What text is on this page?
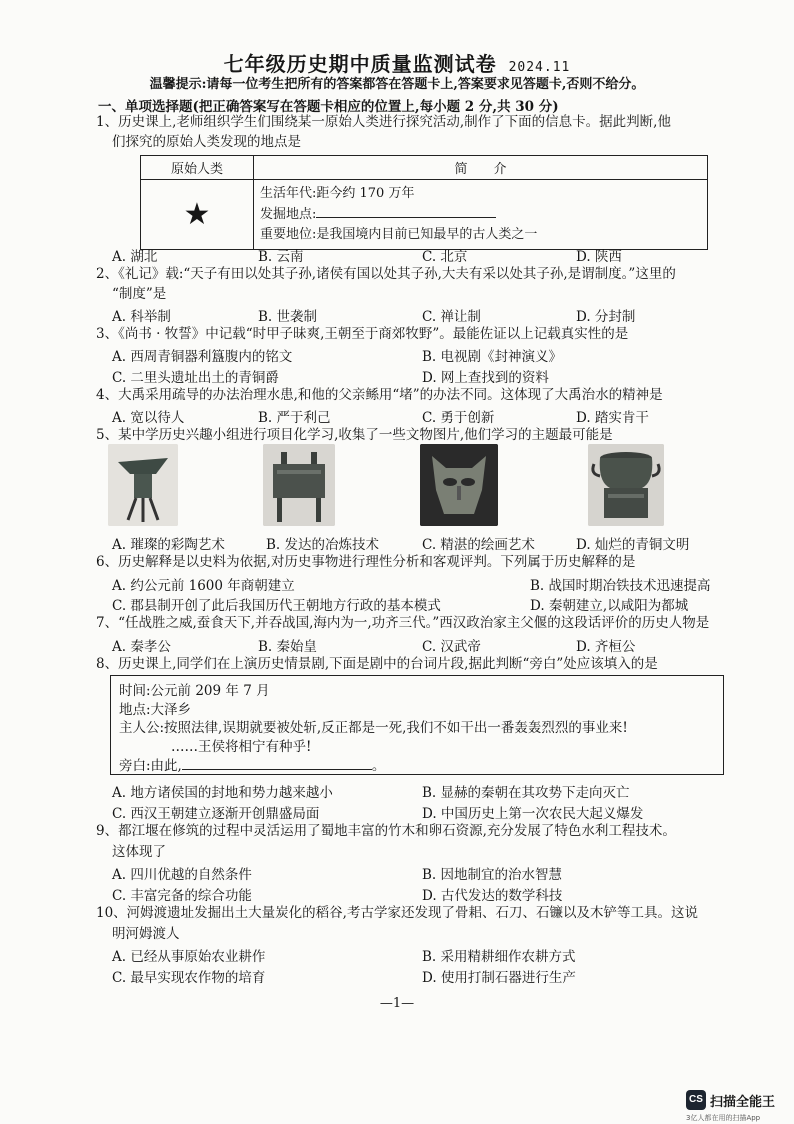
七年级历史期中质量监测试卷 2024.11
温馨提示:请每一位考生把所有的答案都答在答题卡上,答案要求见答题卡,否则不给分。
一、单项选择题(把正确答案写在答题卡相应的位置上,每小题 2 分,共 30 分)
1、历史课上,老师组织学生们围绕某一原始人类进行探究活动,制作了下面的信息卡。据此判断,他
们探究的原始人类发现的地点是
原始人类	简　　介
★	生活年代:距今约 170 万年
发掘地点:
重要地位:是我国境内目前已知最早的古人类之一
A. 湖北	B. 云南	C. 北京	D. 陕西
2、《礼记》载:“天子有田以处其子孙,诸侯有国以处其子孙,大夫有采以处其子孙,是谓制度。”这里的
“制度”是
A. 科举制	B. 世袭制	C. 禅让制	D. 分封制
3、《尚书 · 牧誓》中记载“时甲子昧爽,王朝至于商郊牧野”。最能佐证以上记载真实性的是
A. 西周青铜器利簋腹内的铭文	B. 电视剧《封神演义》
C. 二里头遗址出土的青铜爵	D. 网上查找到的资料
4、大禹采用疏导的办法治理水患,和他的父亲鲧用“堵”的办法不同。这体现了大禹治水的精神是
A. 宽以待人	B. 严于利己	C. 勇于创新	D. 踏实肯干
5、某中学历史兴趣小组进行项目化学习,收集了一些文物图片,他们学习的主题最可能是
A. 璀璨的彩陶艺术	B. 发达的冶炼技术	C. 精湛的绘画艺术	D. 灿烂的青铜文明
6、历史解释是以史料为依据,对历史事物进行理性分析和客观评判。下列属于历史解释的是
A. 约公元前 1600 年商朝建立	B. 战国时期冶铁技术迅速提高
C. 郡县制开创了此后我国历代王朝地方行政的基本模式	D. 秦朝建立,以咸阳为都城
7、“任战胜之威,蚕食天下,并吞战国,海内为一,功齐三代。”西汉政治家主父偃的这段话评价的历史人物是
A. 秦孝公	B. 秦始皇	C. 汉武帝	D. 齐桓公
8、历史课上,同学们在上演历史情景剧,下面是剧中的台词片段,据此判断“旁白”处应该填入的是
时间:公元前 209 年 7 月
地点:大泽乡
主人公:按照法律,误期就要被处斩,反正都是一死,我们不如干出一番轰轰烈烈的事业来!
……王侯将相宁有种乎!
旁白:由此,	。
A. 地方诸侯国的封地和势力越来越小	B. 显赫的秦朝在其攻势下走向灭亡
C. 西汉王朝建立逐渐开创鼎盛局面	D. 中国历史上第一次农民大起义爆发
9、都江堰在修筑的过程中灵活运用了蜀地丰富的竹木和卵石资源,充分发展了特色水利工程技术。
这体现了
A. 四川优越的自然条件	B. 因地制宜的治水智慧
C. 丰富完备的综合功能	D. 古代发达的数学科技
10、河姆渡遗址发掘出土大量炭化的稻谷,考古学家还发现了骨耜、石刀、石镰以及木铲等工具。这说
明河姆渡人
A. 已经从事原始农业耕作	B. 采用精耕细作农耕方式
C. 最早实现农作物的培育	D. 使用打制石器进行生产
—1—
CS 扫描全能王
3亿人都在用的扫描App
